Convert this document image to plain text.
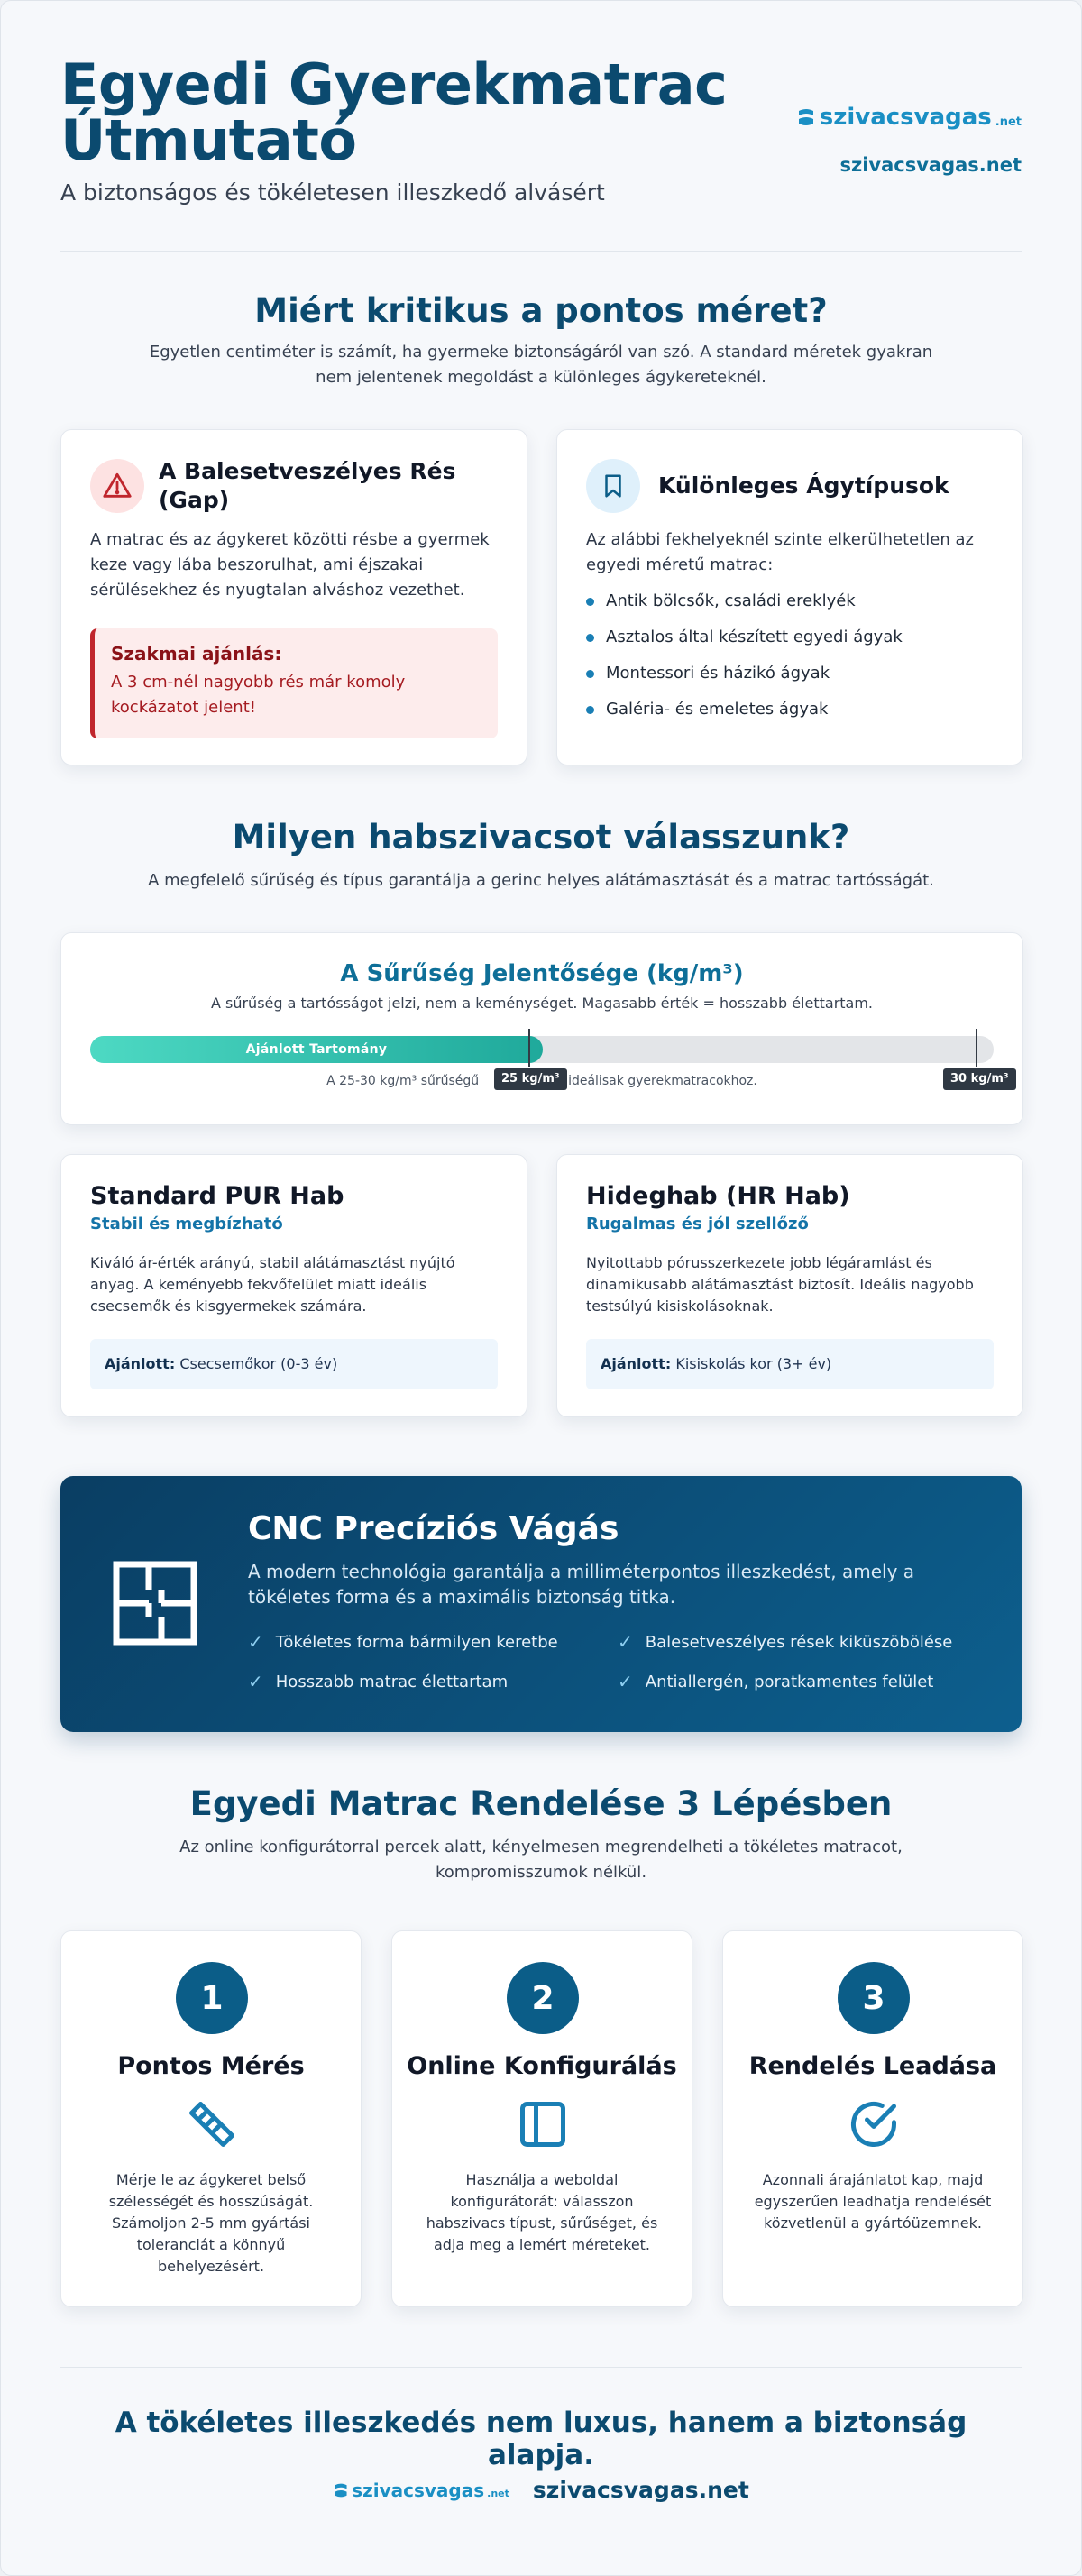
Egyedi Gyerekmatrac Útmutató
A biztonságos és tökéletesen illeszkedő alvásért
szivacsvagas .net
szivacsvagas.net
Miért kritikus a pontos méret?
Egyetlen centiméter is számít, ha gyermeke biztonságáról van szó. A standard méretek gyakran nem jelentenek megoldást a különleges ágykereteknél.
A Balesetveszélyes Rés (Gap)
A matrac és az ágykeret közötti résbe a gyermek keze vagy lába beszorulhat, ami éjszakai sérülésekhez és nyugtalan alváshoz vezethet.
Szakmai ajánlás:
A 3 cm-nél nagyobb rés már komoly kockázatot jelent!
Különleges Ágytípusok
Az alábbi fekhelyeknél szinte elkerülhetetlen az egyedi méretű matrac:
Antik bölcsők, családi ereklyék
Asztalos által készített egyedi ágyak
Montessori és házikó ágyak
Galéria- és emeletes ágyak
Milyen habszivacsot válasszunk?
A megfelelő sűrűség és típus garantálja a gerinc helyes alátámasztását és a matrac tartósságát.
A Sűrűség Jelentősége (kg/m³)
A sűrűség a tartósságot jelzi, nem a keménységet. Magasabb érték = hosszabb élettartam.
Ajánlott Tartomány
A 25-30 kg/m³ sűrűségű	ideálisak gyerekmatracokhoz.
25 kg/m³	30 kg/m³
Standard PUR Hab
Stabil és megbízható
Kiváló ár-érték arányú, stabil alátámasztást nyújtó anyag. A keményebb fekvőfelület miatt ideális csecsemők és kisgyermekek számára.
Ajánlott: Csecsemőkor (0-3 év)
Hideghab (HR Hab)
Rugalmas és jól szellőző
Nyitottabb pórusszerkezete jobb légáramlást és dinamikusabb alátámasztást biztosít. Ideális nagyobb testsúlyú kisiskolásoknak.
Ajánlott: Kisiskolás kor (3+ év)
CNC Precíziós Vágás
A modern technológia garantálja a milliméterpontos illeszkedést, amely a tökéletes forma és a maximális biztonság titka.
✓ Tökéletes forma bármilyen keretbe	✓ Balesetveszélyes rések kiküszöbölése
✓ Hosszabb matrac élettartam	✓ Antiallergén, poratkamentes felület
Egyedi Matrac Rendelése 3 Lépésben
Az online konfigurátorral percek alatt, kényelmesen megrendelheti a tökéletes matracot, kompromisszumok nélkül.
1
Pontos Mérés
Mérje le az ágykeret belső szélességét és hosszúságát. Számoljon 2-5 mm gyártási toleranciát a könnyű behelyezésért.
2
Online Konfigurálás
Használja a weboldal konfigurátorát: válasszon habszivacs típust, sűrűséget, és adja meg a lemért méreteket.
3
Rendelés Leadása
Azonnali árajánlatot kap, majd egyszerűen leadhatja rendelését közvetlenül a gyártóüzemnek.
A tökéletes illeszkedés nem luxus, hanem a biztonság alapja.
szivacsvagas .net szivacsvagas.net
